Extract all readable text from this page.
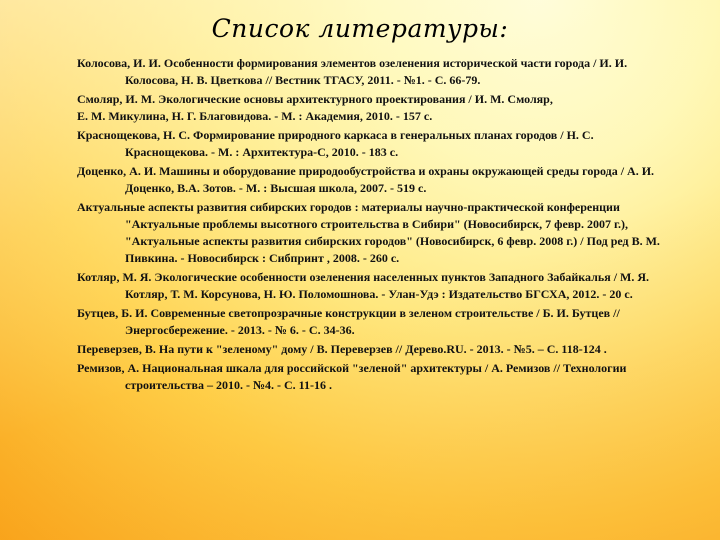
Список литературы:
Колосова, И. И. Особенности формирования элементов озеленения исторической части города / И. И. Колосова, Н. В. Цветкова // Вестник ТГАСУ, 2011. - №1. - С. 66-79.
Смоляр, И. М. Экологические основы архитектурного проектирования / И. М. Смоляр,
Е. М. Микулина, Н. Г. Благовидова. - М. : Академия, 2010. - 157 с.
Краснощекова, Н. С. Формирование природного каркаса в генеральных планах городов / Н. С. Краснощекова. - М. : Архитектура-С, 2010. - 183 с.
Доценко, А. И. Машины и оборудование природообустройства и охраны окружающей среды города / А. И. Доценко, В.А. Зотов. - М. : Высшая школа, 2007. - 519 с.
Актуальные аспекты развития сибирских городов : материалы научно-практической конференции "Актуальные проблемы высотного строительства в Сибири" (Новосибирск, 7 февр. 2007 г.), "Актуальные аспекты развития сибирских городов" (Новосибирск, 6 февр. 2008 г.) / Под ред В. М. Пивкина. - Новосибирск : Сибпринт , 2008. - 260 с.
Котляр, М. Я. Экологические особенности озеленения населенных пунктов Западного Забайкалья / М. Я. Котляр, Т. М. Корсунова, Н. Ю. Поломошнова. - Улан-Удэ : Издательство БГСХА, 2012. - 20 с.
Бутцев, Б. И. Современные светопрозрачные конструкции в зеленом строительстве / Б. И. Бутцев // Энергосбережение. - 2013. - № 6. - С. 34-36.
Переверзев, В. На пути к "зеленому" дому / В. Переверзев // Дерево.RU. - 2013. - №5. – С. 118-124 .
Ремизов, А. Национальная шкала для российской "зеленой" архитектуры / А. Ремизов // Технологии строительства – 2010. - №4. - С. 11-16 .
